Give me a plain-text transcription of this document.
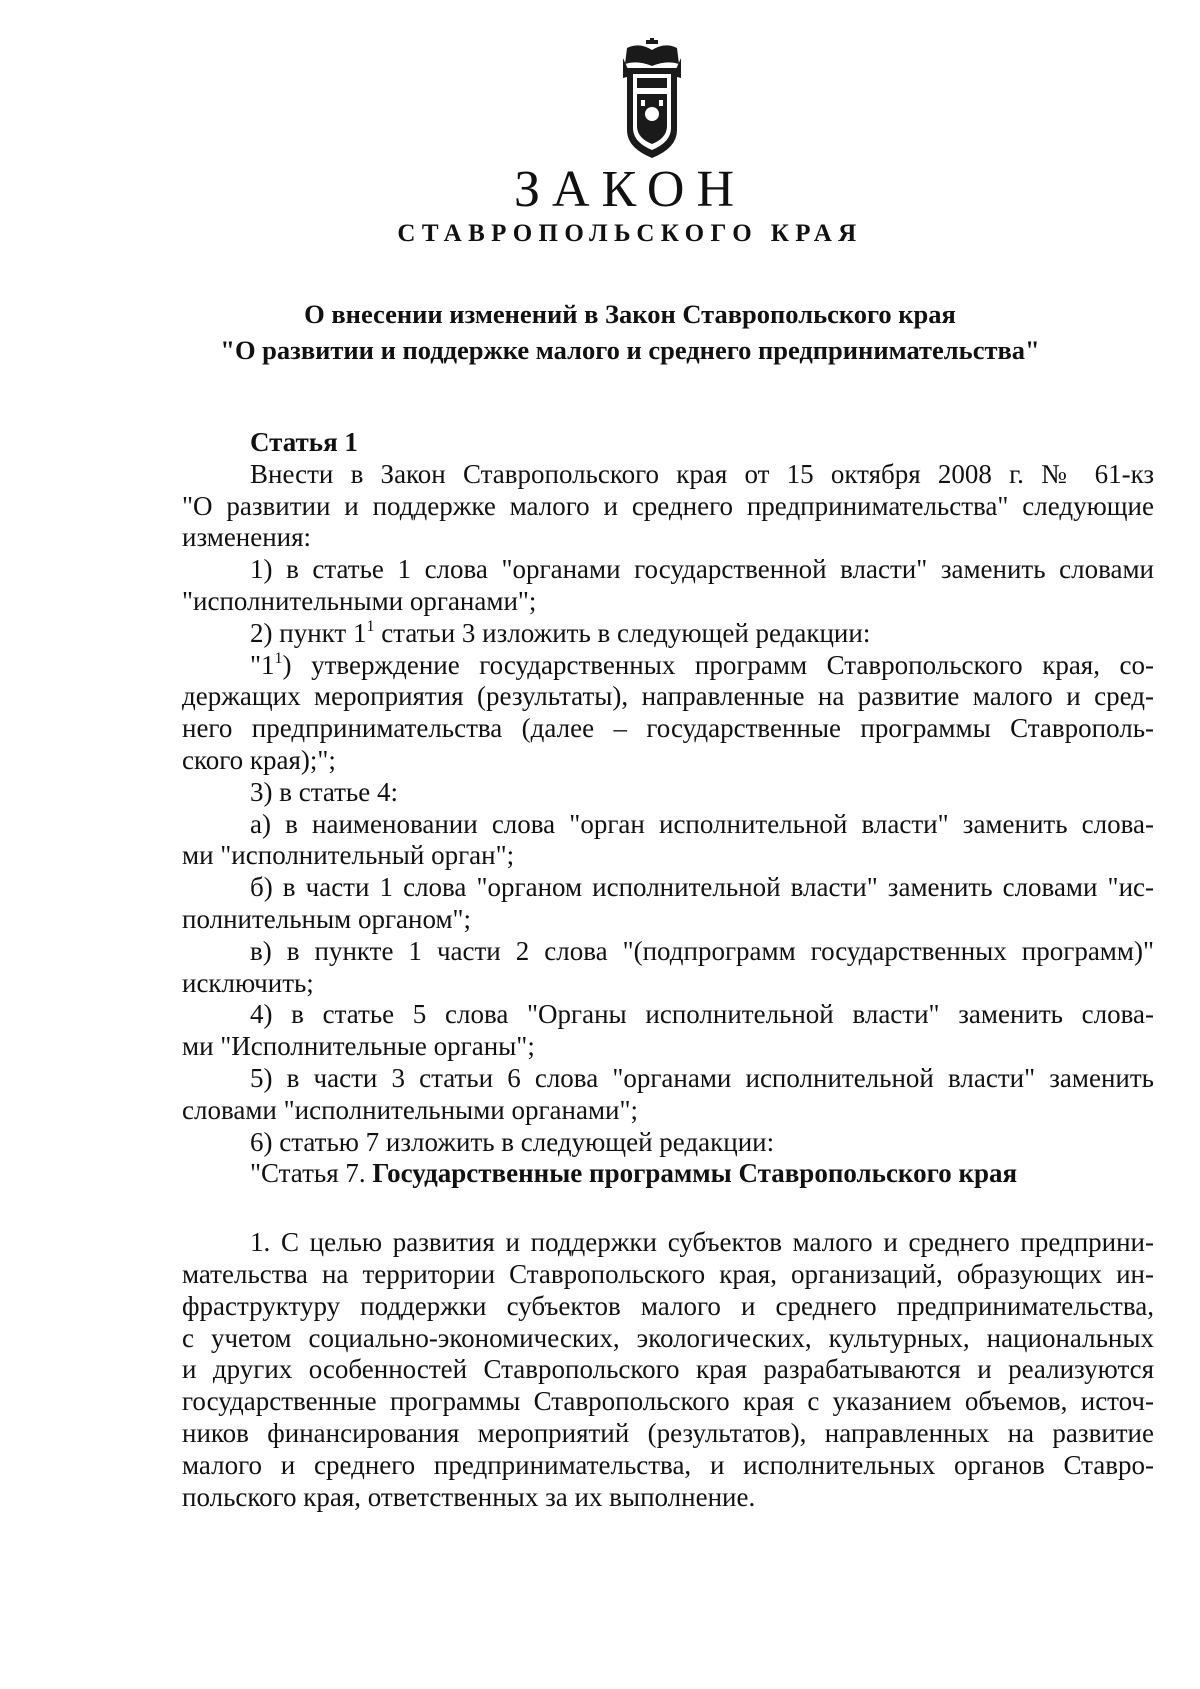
ЗАКОН
СТАВРОПОЛЬСКОГО КРАЯ
О внесении изменений в Закон Ставропольского края
"О развитии и поддержке малого и среднего предпринимательства"
Статья 1
Внести в Закон Ставропольского края от 15 октября 2008 г. № 61-кз
"О развитии и поддержке малого и среднего предпринимательства" следующие
изменения:
1) в статье 1 слова "органами государственной власти" заменить словами
"исполнительными органами";
2) пункт $1^1$ статьи 3 изложить в следующей редакции:
"$1^1$) утверждение государственных программ Ставропольского края, со-
держащих мероприятия (результаты), направленные на развитие малого и сред-
него предпринимательства (далее – государственные программы Ставрополь-
ского края);";
3) в статье 4:
а) в наименовании слова "орган исполнительной власти" заменить слова-
ми "исполнительный орган";
б) в части 1 слова "органом исполнительной власти" заменить словами "ис-
полнительным органом";
в) в пункте 1 части 2 слова "(подпрограмм государственных программ)"
исключить;
4) в статье 5 слова "Органы исполнительной власти" заменить слова-
ми "Исполнительные органы";
5) в части 3 статьи 6 слова "органами исполнительной власти" заменить
словами "исполнительными органами";
6) статью 7 изложить в следующей редакции:
"Статья 7. Государственные программы Ставропольского края
1. С целью развития и поддержки субъектов малого и среднего предприни-
мательства на территории Ставропольского края, организаций, образующих ин-
фраструктуру поддержки субъектов малого и среднего предпринимательства,
с учетом социально-экономических, экологических, культурных, национальных
и других особенностей Ставропольского края разрабатываются и реализуются
государственные программы Ставропольского края с указанием объемов, источ-
ников финансирования мероприятий (результатов), направленных на развитие
малого и среднего предпринимательства, и исполнительных органов Ставро-
польского края, ответственных за их выполнение.
